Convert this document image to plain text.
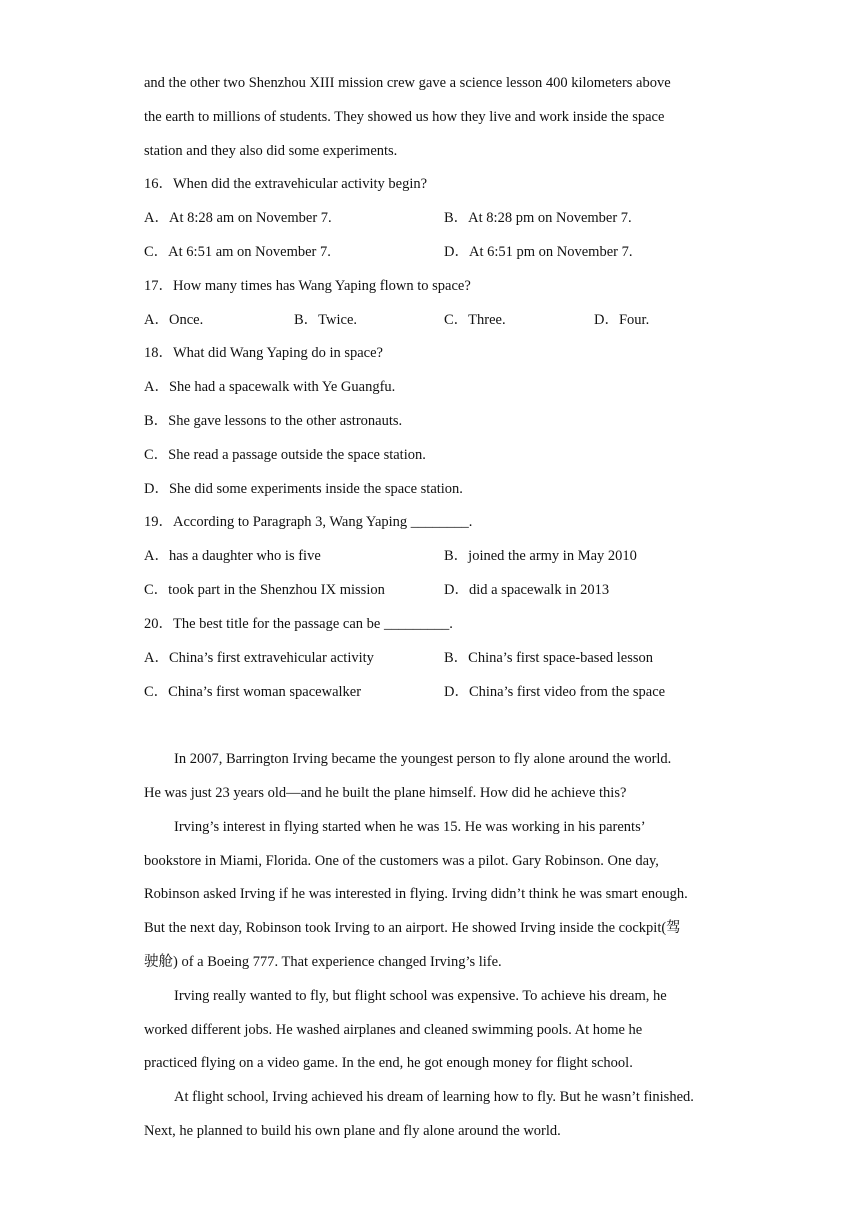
and the other two Shenzhou XIII mission crew gave a science lesson 400 kilometers above
the earth to millions of students. They showed us how they live and work inside the space
station and they also did some experiments.
16．When did the extravehicular activity begin?
A．At 8:28 am on November 7.	B．At 8:28 pm on November 7.
C．At 6:51 am on November 7.	D．At 6:51 pm on November 7.
17．How many times has Wang Yaping flown to space?
A．Once.	B．Twice.	C．Three.	D．Four.
18．What did Wang Yaping do in space?
A．She had a spacewalk with Ye Guangfu.
B．She gave lessons to the other astronauts.
C．She read a passage outside the space station.
D．She did some experiments inside the space station.
19．According to Paragraph 3, Wang Yaping ________.
A．has a daughter who is five	B．joined the army in May 2010
C．took part in the Shenzhou IX mission	D．did a spacewalk in 2013
20．The best title for the passage can be _________.
A．China’s first extravehicular activity	B．China’s first space-based lesson
C．China’s first woman spacewalker	D．China’s first video from the space
In 2007, Barrington Irving became the youngest person to fly alone around the world.
He was just 23 years old—and he built the plane himself. How did he achieve this?
Irving’s interest in flying started when he was 15. He was working in his parents’
bookstore in Miami, Florida. One of the customers was a pilot. Gary Robinson. One day,
Robinson asked Irving if he was interested in flying. Irving didn’t think he was smart enough.
But the next day, Robinson took Irving to an airport. He showed Irving inside the cockpit(驾
驶舱) of a Boeing 777. That experience changed Irving’s life.
Irving really wanted to fly, but flight school was expensive. To achieve his dream, he
worked different jobs. He washed airplanes and cleaned swimming pools. At home he
practiced flying on a video game. In the end, he got enough money for flight school.
At flight school, Irving achieved his dream of learning how to fly. But he wasn’t finished.
Next, he planned to build his own plane and fly alone around the world.
